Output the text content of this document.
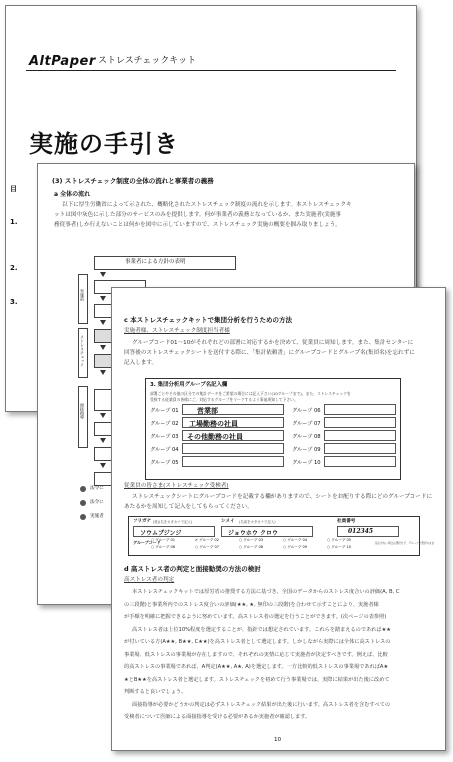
AltPaper ストレスチェックキット
実施の手引き
目
1.
2.
3.
(3) ストレスチェック制度の全体の流れと事業者の義務
a 全体の流れ
以下に厚生労働省によって示された、概略化されたストレスチェック制度の流れを示します。本ストレスチェックキ
ットは図中灰色に示した部分のサービスのみを提供します。何が事業者の義務となっているか、また実施者(実施事
務従事者)しか行えないことは何かを図中に示していますので、ストレスチェック実施の概要を掴み取りましょう。
事業者による方針の表明
実施前
ストレスチェック
面接指導
法令に
法令に
実施者
c 本ストレスチェックキットで集団分析を行うための方法
実施者様、ストレスチェック制度担当者様
グループコード01～10がそれぞれどの部署に対応するかを決めて、従業員に周知します。また、集計センターに
回答後のストレスチェックシートを送付する際に、「集計依頼書」にグループコードとグループ名(集団名)を忘れずに
記入します。
3. 集団分析用グループ名記入欄
部署ごとやその他の区分での集計データをご希望の場合には記入下さい(10グループまで)。また、ストレスチェックを
受検する従業員の皆様にご、対応するグループをマークするよう事前周知して下さい。
グループ 01	営業部
グループ 02 工場勤務の社員
グループ 03 その他勤務の社員
グループ 04
グループ 05
グループ 06
グループ 07
グループ 08
グループ 09
グループ 10
従業員の皆さま(ストレスチェック受検者)
ストレスチェックシートにグループコードを記載する欄がありますので、シートをお配りする際にどのグループコードに
あたるかを周知して記入をしてもらってください。
フリガナ (姓)(名をカタカナで記入)
ソウムブジンジ
シメイ (名前をカタカナで記入)
ジョウホウ クロウ
社員番号
012345
グループコード
○ グループ 01	✔ グループ 02	○ グループ 03	○ グループ 04	○ グループ 05
○ グループ 06	○ グループ 07	○ グループ 08	○ グループ 09	○ グループ 10
指示がない場合は選択せず、グループ未選択のまま
d 高ストレス者の判定と面接勧奨の方法の検討
高ストレス者の判定
本ストレスチェックキットでは厚労省の推奨する方法に基づき、全国のデータからのストレス度合いの評価(A, B, C
の三段階)と事業所内でのストレス度合いの評価(★★, ★, 無印の三段階)を合わせて示すことにより、実施者様
が手順を明確に把握できるように努めています。高ストレス者の選定を行うことができます。(次ページの表参照)
高ストレス者は上位10%程度を選定することが、指針では想定されています。これらを踏まえるのであれば★★
が付いている方(A★★, B★★, C★★)を高ストレス者として選定します。しかしながら実際には全体に高ストレスの
事業場、低ストレスの事業場が存在しますので、それぞれの実情に応じて実施者が決定すべきです。例えば、比較
的高ストレスの事業場であれば、A判定(A★★, A★, A)を選定します。一方比較的低ストレスの事業場であればA★
★とB★★を高ストレス者と選定します。ストレスチェックを初めて行う事業場では、実際に結果が出た後に改めて
判断すると良いでしょう。
面接指導が必要かどうかの判定は必ずストレスチェック結果が出た後に行います。高ストレス者を含むすべての
受検者について医師による面接指導を受ける必要があるか実施者が確認します。
10
